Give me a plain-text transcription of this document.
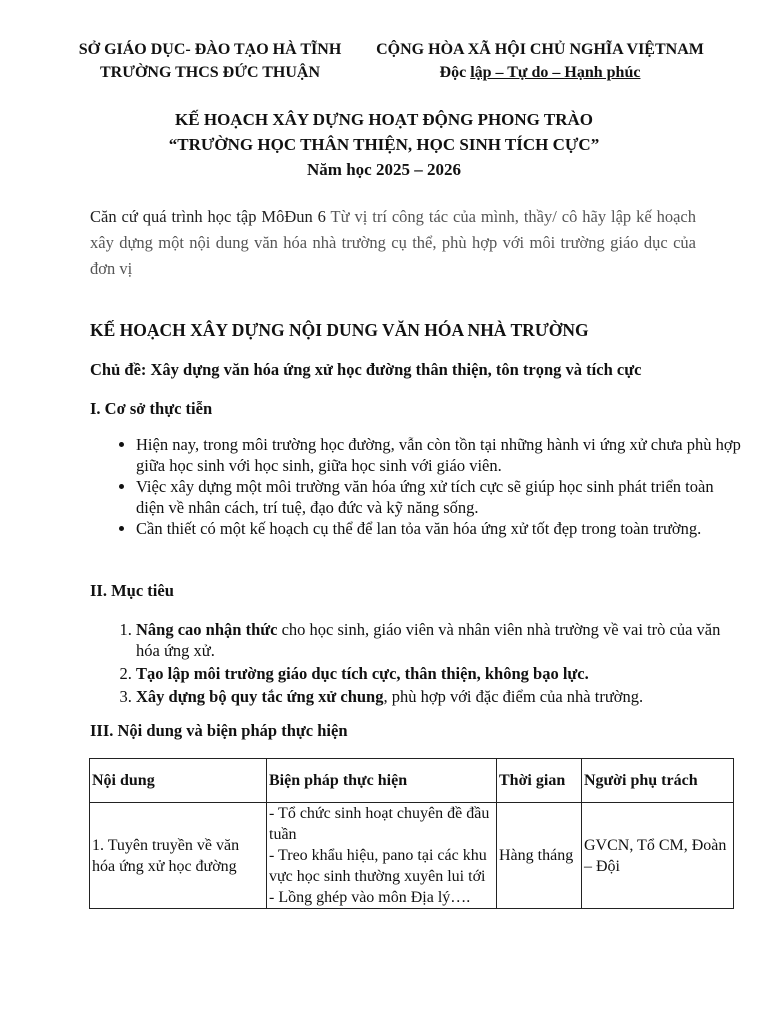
SỞ GIÁO DỤC- ĐÀO TẠO HÀ TĨNH
TRƯỜNG THCS ĐỨC THUẬN
CỘNG HÒA XÃ HỘI CHỦ NGHĨA VIỆTNAM
Độc lập – Tự do – Hạnh phúc
KẾ HOẠCH XÂY DỰNG HOẠT ĐỘNG PHONG TRÀO
“TRƯỜNG HỌC THÂN THIỆN, HỌC SINH TÍCH CỰC”
Năm học 2025 – 2026
Căn cứ quá trình học tập MôĐun 6 Từ vị trí công tác của mình, thầy/ cô hãy lập kế hoạch xây dựng một nội dung văn hóa nhà trường cụ thể, phù hợp với môi trường giáo dục của đơn vị
KẾ HOẠCH XÂY DỰNG NỘI DUNG VĂN HÓA NHÀ TRƯỜNG
Chủ đề: Xây dựng văn hóa ứng xử học đường thân thiện, tôn trọng và tích cực
I. Cơ sở thực tiễn
• Hiện nay, trong môi trường học đường, vẫn còn tồn tại những hành vi ứng xử chưa phù hợp giữa học sinh với học sinh, giữa học sinh với giáo viên.
• Việc xây dựng một môi trường văn hóa ứng xử tích cực sẽ giúp học sinh phát triển toàn diện về nhân cách, trí tuệ, đạo đức và kỹ năng sống.
• Cần thiết có một kế hoạch cụ thể để lan tỏa văn hóa ứng xử tốt đẹp trong toàn trường.
II. Mục tiêu
1. Nâng cao nhận thức cho học sinh, giáo viên và nhân viên nhà trường về vai trò của văn hóa ứng xử.
2. Tạo lập môi trường giáo dục tích cực, thân thiện, không bạo lực.
3. Xây dựng bộ quy tắc ứng xử chung, phù hợp với đặc điểm của nhà trường.
III. Nội dung và biện pháp thực hiện
Nội dung	Biện pháp thực hiện	Thời gian	Người phụ trách
1. Tuyên truyền về văn hóa ứng xử học đường	- Tổ chức sinh hoạt chuyên đề đầu tuần
- Treo khẩu hiệu, pano tại các khu vực học sinh thường xuyên lui tới
- Lồng ghép vào môn Địa lý….	Hàng tháng	GVCN, Tổ CM, Đoàn – Đội
